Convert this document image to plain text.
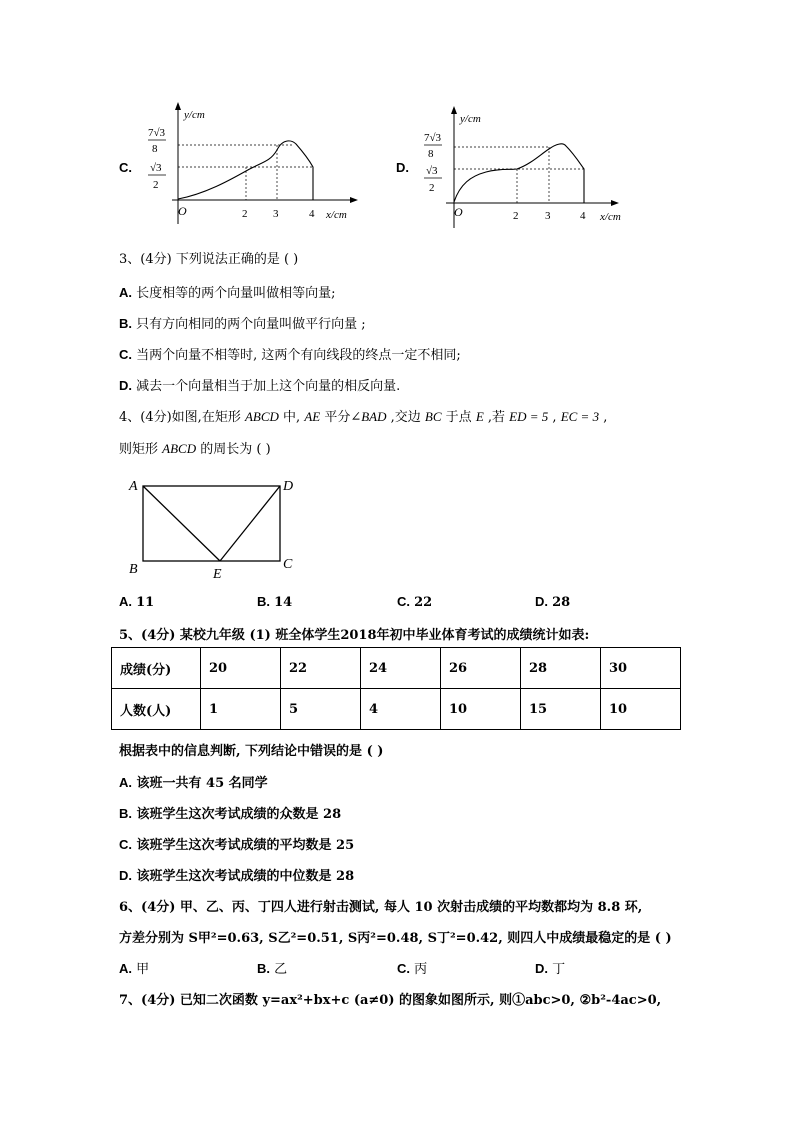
C.
y/cm
x/cm
O
7√3
8
√3
2
2 3	4
D.
y/cm
x/cm
O
7√3
8
√3
2
2 3	4
3、(4分) 下列说法正确的是 ( )
A. 长度相等的两个向量叫做相等向量;
B. 只有方向相同的两个向量叫做平行向量 ;
C. 当两个向量不相等时, 这两个有向线段的终点一定不相同;
D. 减去一个向量相当于加上这个向量的相反向量.
4、(4分)如图,在矩形 ABCD 中, AE 平分∠BAD ,交边 BC 于点 E ,若 ED = 5 , EC = 3 ,
则矩形 ABCD 的周长为 ( )
A	D
B	C
E
A. 11	B. 14	C. 22	D. 28
5、(4分) 某校九年级 (1) 班全体学生2018年初中毕业体育考试的成绩统计如表:
成绩(分)	20	22	24	26	28	30
人数(人)	1	5	4	10	15	10
根据表中的信息判断, 下列结论中错误的是 ( )
A. 该班一共有 45 名同学
B. 该班学生这次考试成绩的众数是 28
C. 该班学生这次考试成绩的平均数是 25
D. 该班学生这次考试成绩的中位数是 28
6、(4分) 甲、乙、丙、丁四人进行射击测试, 每人 10 次射击成绩的平均数都均为 8.8 环,
方差分别为 S甲²=0.63, S乙²=0.51, S丙²=0.48, S丁²=0.42, 则四人中成绩最稳定的是 ( )
A. 甲	B. 乙	C. 丙	D. 丁
7、(4分) 已知二次函数 y=ax²+bx+c (a≠0) 的图象如图所示, 则①abc>0, ②b²-4ac>0,
